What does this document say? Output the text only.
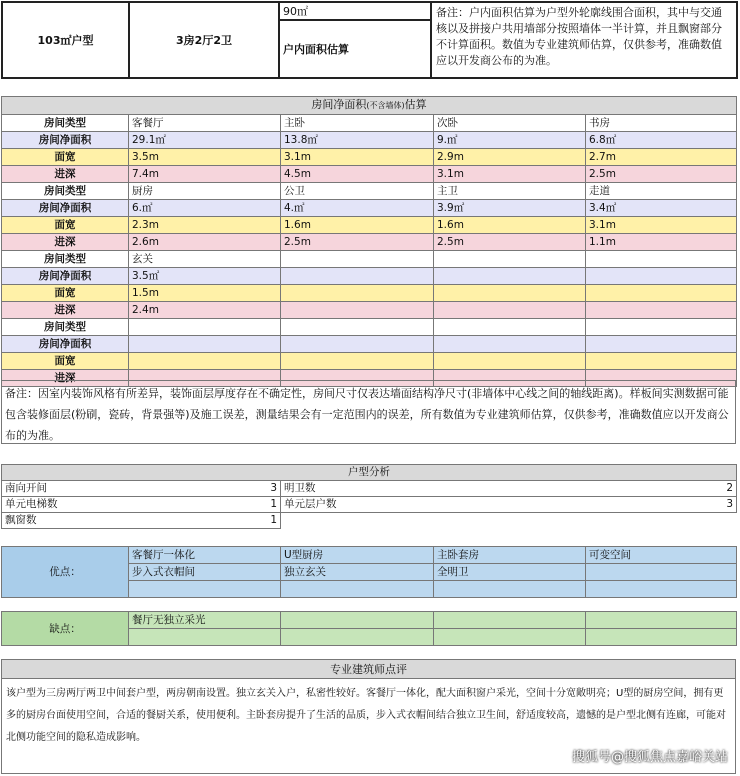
103㎡户型	3房2厅2卫	90㎡	备注：户内面积估算为户型外轮廓线围合面积，其中与交通核以及拼接户共用墙部分按照墙体一半计算，并且飘窗部分不计算面积。数值为专业建筑师估算，仅供参考，准确数值应以开发商公布的为准。
户内面积估算
房间净面积(不含墙体)估算				
房间类型	客餐厅	主卧	次卧	书房
房间净面积	29.1㎡	13.8㎡	9.㎡	6.8㎡
面宽	3.5m	3.1m	2.9m	2.7m
进深	7.4m	4.5m	3.1m	2.5m
房间类型	厨房	公卫	主卫	走道
房间净面积	6.㎡	4.㎡	3.9㎡	3.4㎡
面宽	2.3m	1.6m	1.6m	3.1m
进深	2.6m	2.5m	2.5m	1.1m
房间类型	玄关			
房间净面积	3.5㎡			
面宽	1.5m			
进深	2.4m			
房间类型				
房间净面积				
面宽				
进深				
备注：因室内装饰风格有所差异，装饰面层厚度存在不确定性，房间尺寸仅表达墙面结构净尺寸(非墙体中心线之间的轴线距离)。样板间实测数据可能包含装修面层(粉刷，瓷砖，背景强等)及施工误差，测量结果会有一定范围内的误差，所有数值为专业建筑师估算，仅供参考，准确数值应以开发商公布的为准。
户型分析	
南向开间 3	明卫数 2

单元电梯数 1	单元层户数 3

飘窗数 1	

优点：	客餐厅一体化	U型厨房	主卧套房	可变空间
	步入式衣帽间	独立玄关	全明卫	

缺点：	餐厅无独立采光			

专业建筑师点评
该户型为三房两厅两卫中间套户型，两房朝南设置。独立玄关入户，私密性较好。客餐厅一体化，配大面积窗户采光，空间十分宽敞明亮；U型的厨房空间，拥有更多的厨房台面使用空间，合适的餐厨关系，使用便利。主卧套房提升了生活的品质，步入式衣帽间结合独立卫生间，舒适度较高，遗憾的是户型北侧有连廊，可能对北侧功能空间的隐私造成影响。
搜狐号@搜狐焦点嘉峪关站
